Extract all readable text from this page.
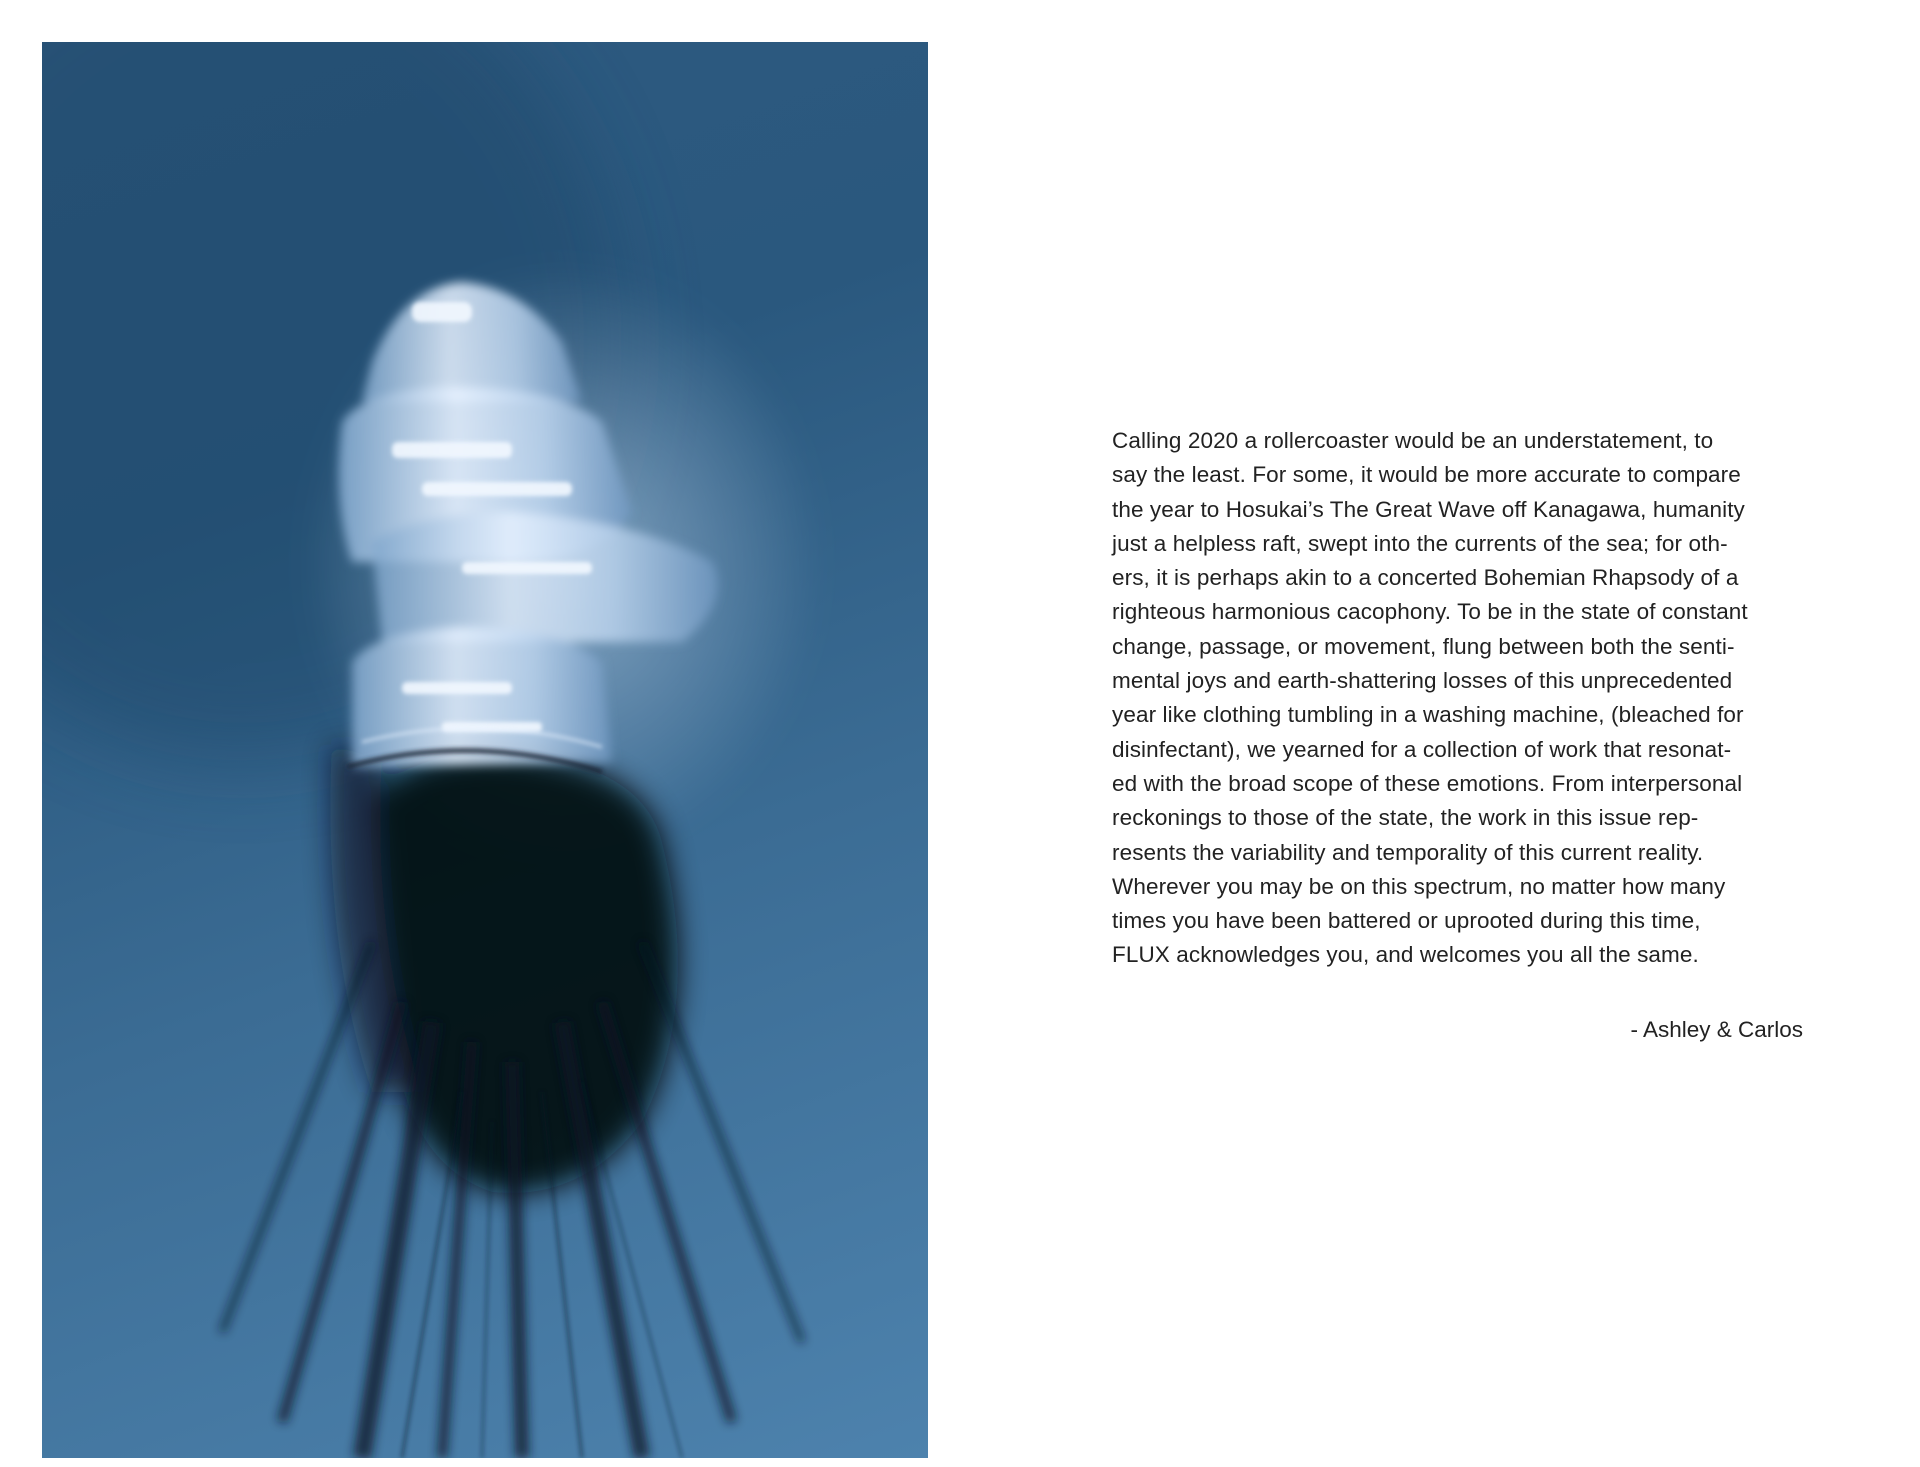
Calling 2020 a rollercoaster would be an understatement, to
say the least. For some, it would be more accurate to compare
the year to Hosukai’s The Great Wave off Kanagawa, humanity
just a helpless raft, swept into the currents of the sea; for oth-
ers, it is perhaps akin to a concerted Bohemian Rhapsody of a
righteous harmonious cacophony. To be in the state of constant
change, passage, or movement, flung between both the senti-
mental joys and earth-shattering losses of this unprecedented
year like clothing tumbling in a washing machine, (bleached for
disinfectant), we yearned for a collection of work that resonat-
ed with the broad scope of these emotions. From interpersonal
reckonings to those of the state, the work in this issue rep-
resents the variability and temporality of this current reality.
Wherever you may be on this spectrum, no matter how many
times you have been battered or uprooted during this time,
FLUX acknowledges you, and welcomes you all the same.
- Ashley & Carlos
